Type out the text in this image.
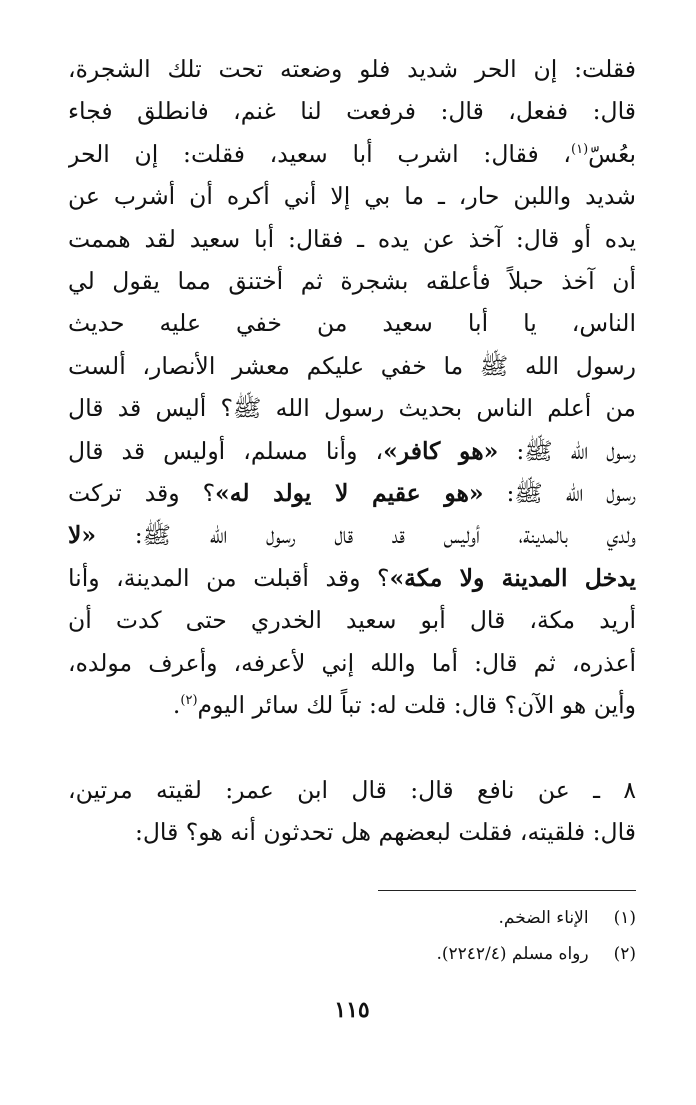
فقلت: إن الحر شديد فلو وضعته تحت تلك الشجرة،
قال: ففعل، قال: فرفعت لنا غنم، فانطلق فجاء
بعُسّ$^{(١)}$، فقال: اشرب أبا سعيد، فقلت: إن الحر
شديد واللبن حار، ـ ما بي إلا أني أكره أن أشرب عن
يده أو قال: آخذ عن يده ـ فقال: أبا سعيد لقد هممت
أن آخذ حبلاً فأعلقه بشجرة ثم أختنق مما يقول لي
الناس، يا أبا سعيد من خفي عليه حديث
رسول الله ﷺ ما خفي عليكم معشر الأنصار، ألست
من أعلم الناس بحديث رسول الله ﷺ؟ أليس قد قال
رسول الله ﷺ: «هو كافر»، وأنا مسلم، أوليس قد قال
رسول الله ﷺ: «هو عقيم لا يولد له»؟ وقد تركت
ولدي بالمدينة، أوليس قد قال رسول الله ﷺ: «لا
يدخل المدينة ولا مكة»؟ وقد أقبلت من المدينة، وأنا
أريد مكة، قال أبو سعيد الخدري حتى كدت أن
أعذره، ثم قال: أما والله إني لأعرفه، وأعرف مولده،
وأين هو الآن؟ قال: قلت له: تباً لك سائر اليوم$^{(٢)}$.
٨ ـ عن نافع قال: قال ابن عمر: لقيته مرتين،
قال: فلقيته، فقلت لبعضهم هل تحدثون أنه هو؟ قال:
(١) الإناء الضخم.
(٢) رواه مسلم (٢٢٤٢/٤).
١١٥
